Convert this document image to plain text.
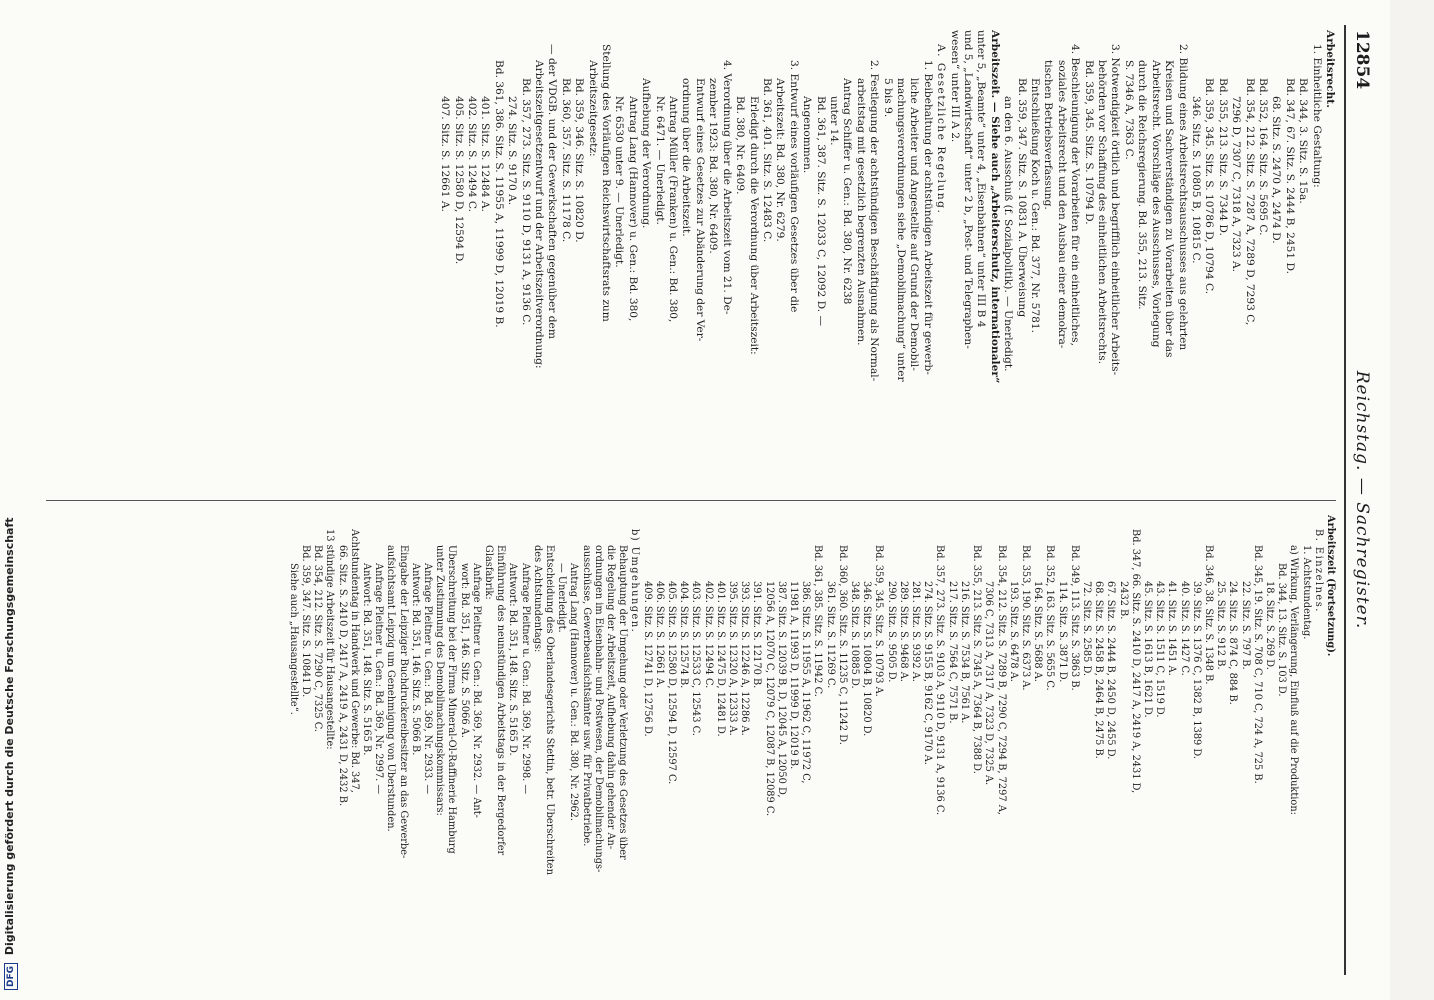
12854
Reichstag. — Sachregister.
Arbeitsrecht.
1. Einheitliche Gestaltung:
Bd. 344, 3. Sitz. S. 15a.
Bd. 347, 67. Sitz. S. 2444 B, 2451 D.
68. Sitz. S. 2470 A, 2474 D.
Bd. 352, 164. Sitz. S. 5695 C.
Bd. 354, 212. Sitz. S. 7287 A, 7289 D, 7293 C,
7296 D, 7307 C, 7318 A, 7323 A.
Bd. 355, 213. Sitz. S. 7344 D.
Bd. 359, 345. Sitz. S. 10786 D, 10794 C.
346. Sitz. S. 10805 B, 10815 C.
2. Bildung eines Arbeitsrechtsausschusses aus gelehrten
Kreisen und Sachverständigen zu Vorarbeiten über das
Arbeitsrecht. Vorschläge des Ausschusses, Vorlegung
durch die Reichsregierung. Bd. 355, 213. Sitz.
S. 7346 A, 7363 C.
3. Notwendigkeit örtlich und begrifflich einheitlicher Arbeits-
behörden vor Schaffung des einheitlichen Arbeitsrechts.
Bd. 359, 345. Sitz. S. 10794 D.
4. Beschleunigung der Vorarbeiten für ein einheitliches,
soziales Arbeitsrecht und den Ausbau einer demokra-
tischen Betriebsverfassung.
Entschließung Koch u. Gen.: Bd. 377, Nr. 5781.
Bd. 359, 347. Sitz. S. 10831 A. Überweisung
an den 6. Ausschuß (f. Sozialpolitik). — Unerledigt.
Arbeitszeit. — Siehe auch „Arbeiterschutz, internationaler“
unter 5, „Beamte“ unter 4, „Eisenbahnen“ unter III B 4
und 5, „Landwirtschaft“ unter 2 b, „Post- und Telegraphen-
wesen“ unter III A 2.
A. Gesetzliche Regelung.
1. Beibehaltung der achtstündigen Arbeitszeit für gewerb-
liche Arbeiter und Angestellte auf Grund der Demobil-
machungsverordnungen siehe „Demobilmachung“ unter
5 bis 9.
2. Festlegung der achtstündigen Beschäftigung als Normal-
arbeitstag mit gesetzlich begrenzten Ausnahmen.
Antrag Schiffer u. Gen.: Bd. 380, Nr. 6238
unter 14.
Bd. 361, 387. Sitz. S. 12033 C, 12092 D. —
Angenommen.
3. Entwurf eines vorläufigen Gesetzes über die
Arbeitszeit: Bd. 380, Nr. 6279.
Bd. 361, 401. Sitz. S. 12483 C.
Erledigt durch die Verordnung über Arbeitszeit:
Bd. 380, Nr. 6409.
4. Verordnung über die Arbeitszeit vom 21. De-
zember 1923: Bd. 380, Nr. 6409.
Entwurf eines Gesetzes zur Abänderung der Ver-
ordnung über die Arbeitszeit.
Antrag Müller (Franken) u. Gen.: Bd. 380,
Nr. 6471. — Unerledigt.
Aufhebung der Verordnung.
Antrag Lang (Hannover) u. Gen.: Bd. 380,
Nr. 6530 unter 9. — Unerledigt.
Stellung des Vorläufigen Reichswirtschaftsrats zum
Arbeitszeitgesetz:
Bd. 359, 346. Sitz. S. 10820 D.
Bd. 360, 357. Sitz. S. 11178 C.
— der VDGB. und der Gewerkschaften gegenüber dem
Arbeitszeitgesetzentwurf und der Arbeitszeitverordnung:
Bd. 357, 273. Sitz. S. 9110 D, 9131 A, 9136 C.
274. Sitz. S. 9170 A.
Bd. 361, 386. Sitz. S. 11955 A, 11999 D, 12019 B.
401. Sitz. S. 12484 A.
402. Sitz. S. 12494 C.
405. Sitz. S. 12580 D, 12594 D.
407. Sitz. S. 12661 A.
Arbeitszeit (Fortsetzung).
B. Einzelnes.
1. Achtstundentag.
a) Wirkung, Verlängerung, Einfluß auf die Produktion:
Bd. 344, 13. Sitz. S. 103 D.
18. Sitz. S. 269 D.
Bd. 345, 19. Sitz. S. 708 C, 710 C, 724 A, 725 B.
22. Sitz. S. 797 B.
24. Sitz. S. 874 C, 884 B.
25. Sitz. S. 912 B.
Bd. 346, 38. Sitz. S. 1348 B.
39. Sitz. S. 1376 C, 1382 B, 1389 D.
40. Sitz. S. 1427 C.
41. Sitz. S. 1451 A.
43. Sitz. S. 1511 C, 1519 D.
45. Sitz. S. 1613 B, 1621 D.
Bd. 347, 66. Sitz. S. 2410 D, 2417 A, 2419 A, 2431 D,
2432 B.
67. Sitz. S. 2444 B, 2450 D, 2455 D.
68. Sitz. S. 2458 B, 2464 B, 2475 B.
72. Sitz. S. 2585 D.
Bd. 349, 113. Sitz. S. 3863 B.
114. Sitz. S. 3871 D.
Bd. 352, 163. Sitz. S. 5655 C.
164. Sitz. S. 5688 A.
Bd. 353, 190. Sitz. S. 6373 A.
193. Sitz. S. 6478 A.
Bd. 354, 212. Sitz. S. 7289 B, 7290 C, 7294 B, 7297 A,
7306 C, 7313 A, 7317 A, 7323 D, 7325 A.
Bd. 355, 213. Sitz. S. 7345 A, 7364 B, 7388 D.
216. Sitz. S. 7534 B, 7561 A.
217. Sitz. S. 7564 C, 7571 B.
Bd. 357, 273. Sitz. S. 9103 A, 9110 D, 9131 A, 9136 C.
274. Sitz. S. 9155 B, 9162 C, 9170 A.
281. Sitz. S. 9392 A.
289. Sitz. S. 9468 A.
290. Sitz. S. 9505 D.
Bd. 359, 345. Sitz. S. 10793 A.
346. Sitz. S. 10804 B, 10820 D.
348. Sitz. S. 10885 D.
Bd. 360, 360. Sitz. S. 11235 C, 11242 D.
361. Sitz. S. 11269 C.
Bd. 361, 385. Sitz. S. 11942 C.
386. Sitz. S. 11955 A, 11962 C, 11972 C,
11981 A, 11993 D, 11999 D, 12019 B.
387. Sitz. S. 12039 B, D, 12045 A, 12050 D,
12056 A, 12070 C, 12079 C, 12087 B, 12089 C.
391. Sitz. S. 12170 B.
393. Sitz. S. 12246 A, 12286 A.
395. Sitz. S. 12320 A, 12333 A.
401. Sitz. S. 12475 D, 12481 D.
402. Sitz. S. 12494 C.
403. Sitz. S. 12533 C, 12543 C.
404. Sitz. S. 12574 B.
405. Sitz. S. 12580 D, 12594 D, 12597 C.
406. Sitz. S. 12661 A.
409. Sitz. S. 12741 D, 12756 D.
b) Umgehungen.
Behauptung der Umgehung oder Verletzung des Gesetzes über
die Regelung der Arbeitszeit, Aufhebung dahin gehender An-
ordnungen im Eisenbahn- und Postwesen, der Demobilmachungs-
ausschüsse, Gewerbeaufsichtsämter usw. für Privatbetriebe.
Antrag Lang (Hannover) u. Gen.: Bd. 380, Nr. 2962.
— Unerledigt.
Entscheidung des Oberlandesgerichts Stettin, betr. Überschreiten
des Achtstundentags:
Anfrage Pleitner u. Gen.: Bd. 369, Nr. 2998. —
Antwort: Bd. 351, 148. Sitz. S. 5165 D.
Einführung des neunstündigen Arbeitstags in der Bergedorfer
Glasfabrik:
Anfrage Pleitner u. Gen.: Bd. 369, Nr. 2932. — Ant-
wort: Bd. 351, 146. Sitz. S. 5066 A.
Überschreitung bei der Firma Mineral-Öl-Raffinerie Hamburg
unter Zustimmung des Demobilmachungskommissars:
Anfrage Pleitner u. Gen.: Bd. 369, Nr. 2933. —
Antwort: Bd. 351, 146. Sitz. S. 5066 B.
Eingabe der Leipziger Buchdruckereibesitzer an das Gewerbe-
aufsichtsamt Leipzig um Genehmigung von Überstunden.
Anfrage Pleitner u. Gen.: Bd. 369, Nr. 2997. —
Antwort: Bd. 351, 148. Sitz. S. 5165 B.
Achtstundentag in Handwerk und Gewerbe: Bd. 347,
66. Sitz. S. 2410 D, 2417 A, 2419 A, 2431 D, 2432 B.
13 stündige Arbeitszeit für Hausangestellte:
Bd. 354, 212. Sitz. S. 7290 C, 7325 C.
Bd. 359, 347. Sitz. S. 10841 D.
Siehe auch „Hausangestellte“.
DFG Digitalisierung gefördert durch die Deutsche Forschungsgemeinschaft
